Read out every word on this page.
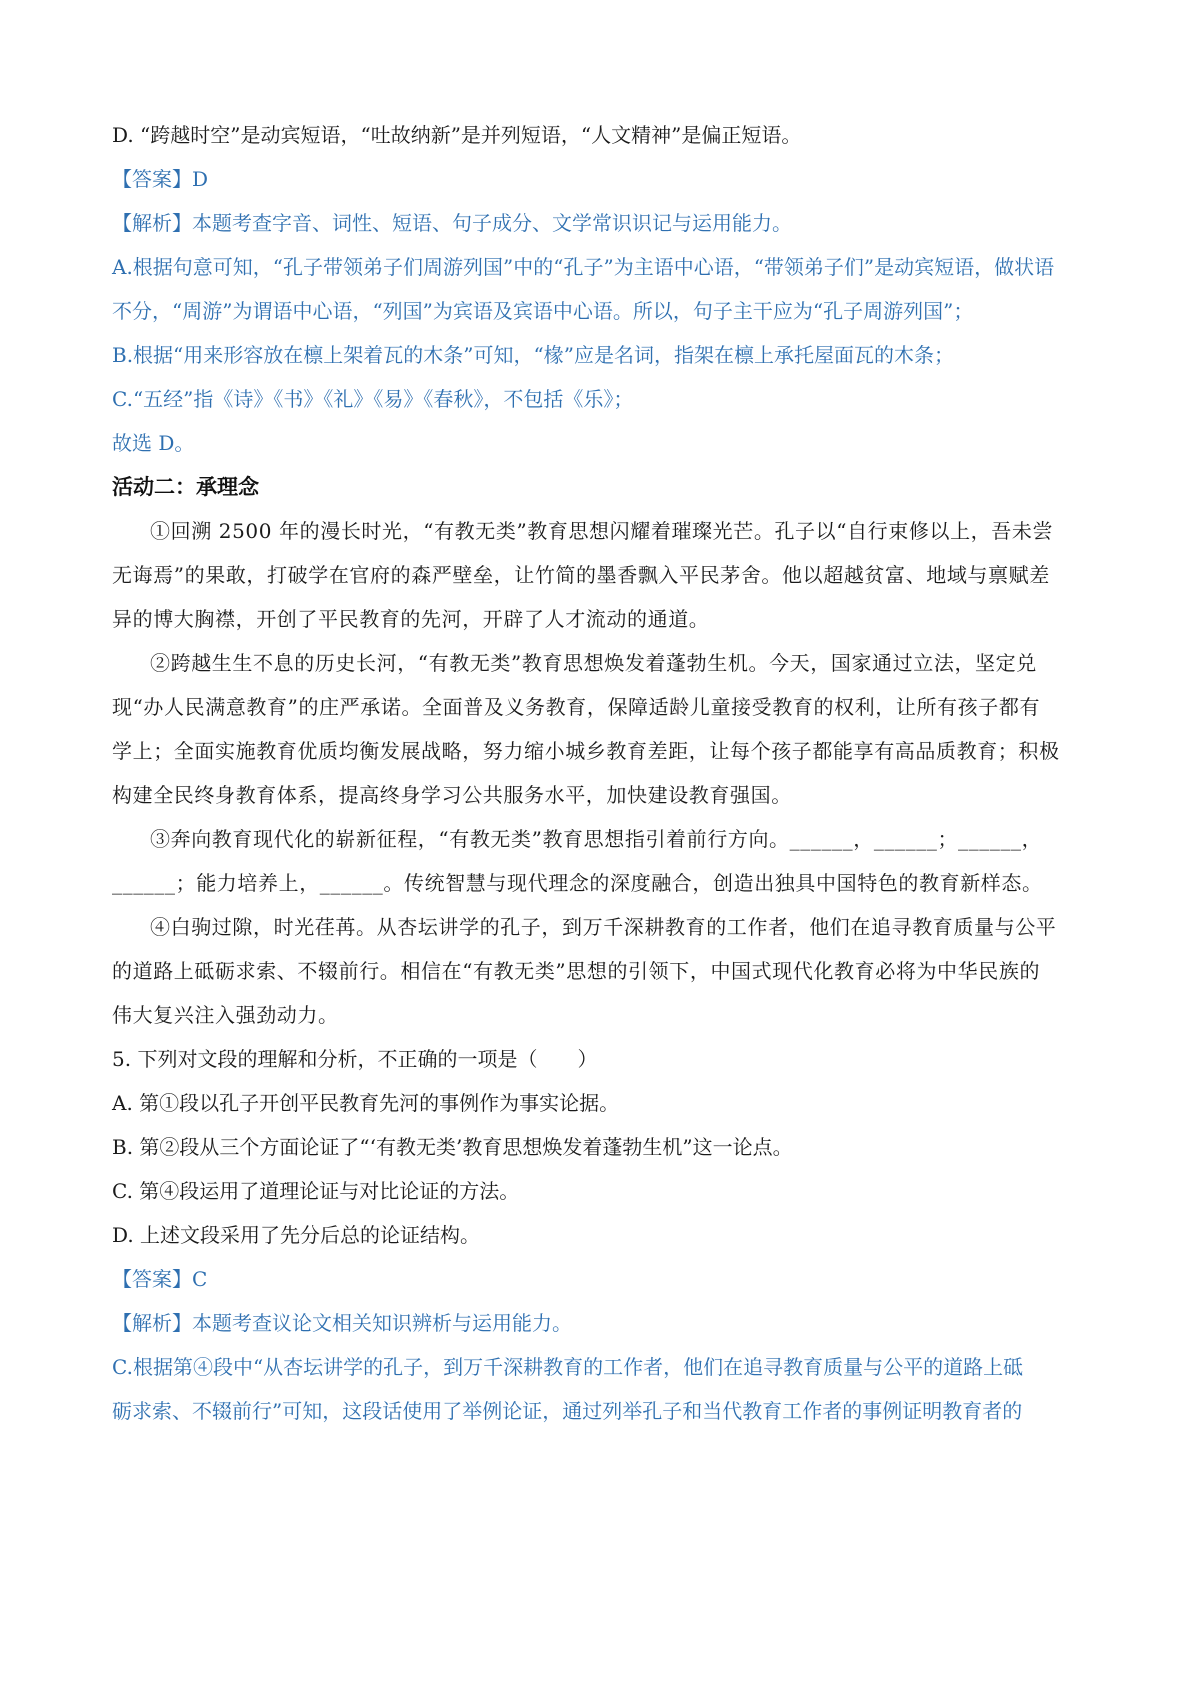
D. “跨越时空”是动宾短语，“吐故纳新”是并列短语，“人文精神”是偏正短语。
【答案】D
【解析】本题考查字音、词性、短语、句子成分、文学常识识记与运用能力。
A.根据句意可知，“孔子带领弟子们周游列国”中的“孔子”为主语中心语，“带领弟子们”是动宾短语，做状语
不分，“周游”为谓语中心语，“列国”为宾语及宾语中心语。所以，句子主干应为“孔子周游列国”；
B.根据“用来形容放在檩上架着瓦的木条”可知，“椽”应是名词，指架在檩上承托屋面瓦的木条；
C.“五经”指《诗》《书》《礼》《易》《春秋》，不包括《乐》；
故选 D。
活动二：承理念
①回溯 2500 年的漫长时光，“有教无类”教育思想闪耀着璀璨光芒。孔子以“自行束修以上，吾未尝
无诲焉”的果敢，打破学在官府的森严壁垒，让竹简的墨香飘入平民茅舍。他以超越贫富、地域与禀赋差
异的博大胸襟，开创了平民教育的先河，开辟了人才流动的通道。
②跨越生生不息的历史长河，“有教无类”教育思想焕发着蓬勃生机。今天，国家通过立法，坚定兑
现“办人民满意教育”的庄严承诺。全面普及义务教育，保障适龄儿童接受教育的权利，让所有孩子都有
学上；全面实施教育优质均衡发展战略，努力缩小城乡教育差距，让每个孩子都能享有高品质教育；积极
构建全民终身教育体系，提高终身学习公共服务水平，加快建设教育强国。
③奔向教育现代化的崭新征程，“有教无类”教育思想指引着前行方向。______，______；______，
______；能力培养上，______。传统智慧与现代理念的深度融合，创造出独具中国特色的教育新样态。
④白驹过隙，时光荏苒。从杏坛讲学的孔子，到万千深耕教育的工作者，他们在追寻教育质量与公平
的道路上砥砺求索、不辍前行。相信在“有教无类”思想的引领下，中国式现代化教育必将为中华民族的
伟大复兴注入强劲动力。
5. 下列对文段的理解和分析，不正确的一项是（　　）
A. 第①段以孔子开创平民教育先河的事例作为事实论据。
B. 第②段从三个方面论证了“‘有教无类’教育思想焕发着蓬勃生机”这一论点。
C. 第④段运用了道理论证与对比论证的方法。
D. 上述文段采用了先分后总的论证结构。
【答案】C
【解析】本题考查议论文相关知识辨析与运用能力。
C.根据第④段中“从杏坛讲学的孔子，到万千深耕教育的工作者，他们在追寻教育质量与公平的道路上砥
砺求索、不辍前行”可知，这段话使用了举例论证，通过列举孔子和当代教育工作者的事例证明教育者的
